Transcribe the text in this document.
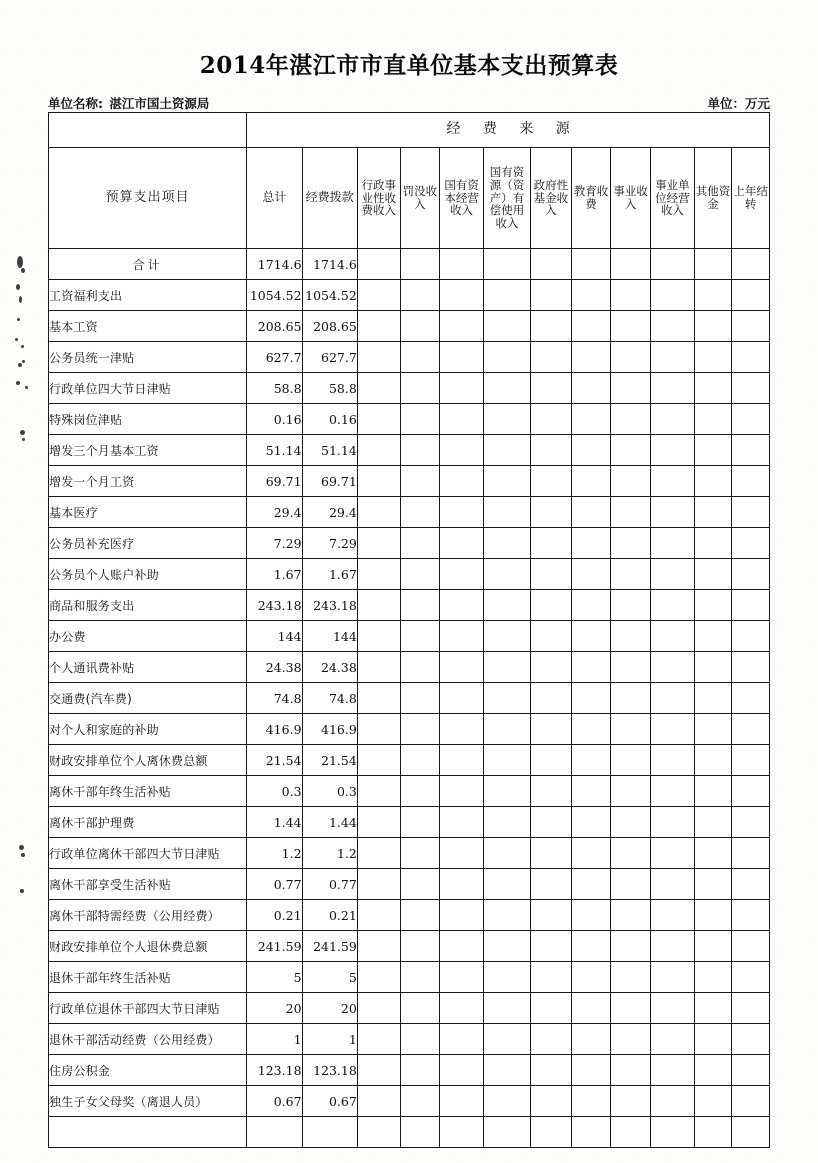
2014年湛江市市直单位基本支出预算表
单位名称: 湛江市国土资源局	单位：万元
	经 费 来 源											
预算支出项目	总计	经费拨款	行政事业性收费收入	罚没收入	国有资本经营收入	国有资源（资产）有偿使用收入	政府性基金收入	教育收费	事业收入	事业单位经营收入	其他资金	上年结转
合计	1714.6	1714.6										
工资福利支出	1054.52	1054.52										
基本工资	208.65	208.65										
公务员统一津贴	627.7	627.7										
行政单位四大节日津贴	58.8	58.8										
特殊岗位津贴	0.16	0.16										
增发三个月基本工资	51.14	51.14										
增发一个月工资	69.71	69.71										
基本医疗	29.4	29.4										
公务员补充医疗	7.29	7.29										
公务员个人账户补助	1.67	1.67										
商品和服务支出	243.18	243.18										
办公费	144	144										
个人通讯费补贴	24.38	24.38										
交通费(汽车费)	74.8	74.8										
对个人和家庭的补助	416.9	416.9										
财政安排单位个人离休费总额	21.54	21.54										
离休干部年终生活补贴	0.3	0.3										
离休干部护理费	1.44	1.44										
行政单位离休干部四大节日津贴	1.2	1.2										
离休干部享受生活补贴	0.77	0.77										
离休干部特需经费（公用经费）	0.21	0.21										
财政安排单位个人退休费总额	241.59	241.59										
退休干部年终生活补贴	5	5										
行政单位退休干部四大节日津贴	20	20										
退休干部活动经费（公用经费）	1	1										
住房公积金	123.18	123.18										
独生子女父母奖（离退人员）	0.67	0.67										
